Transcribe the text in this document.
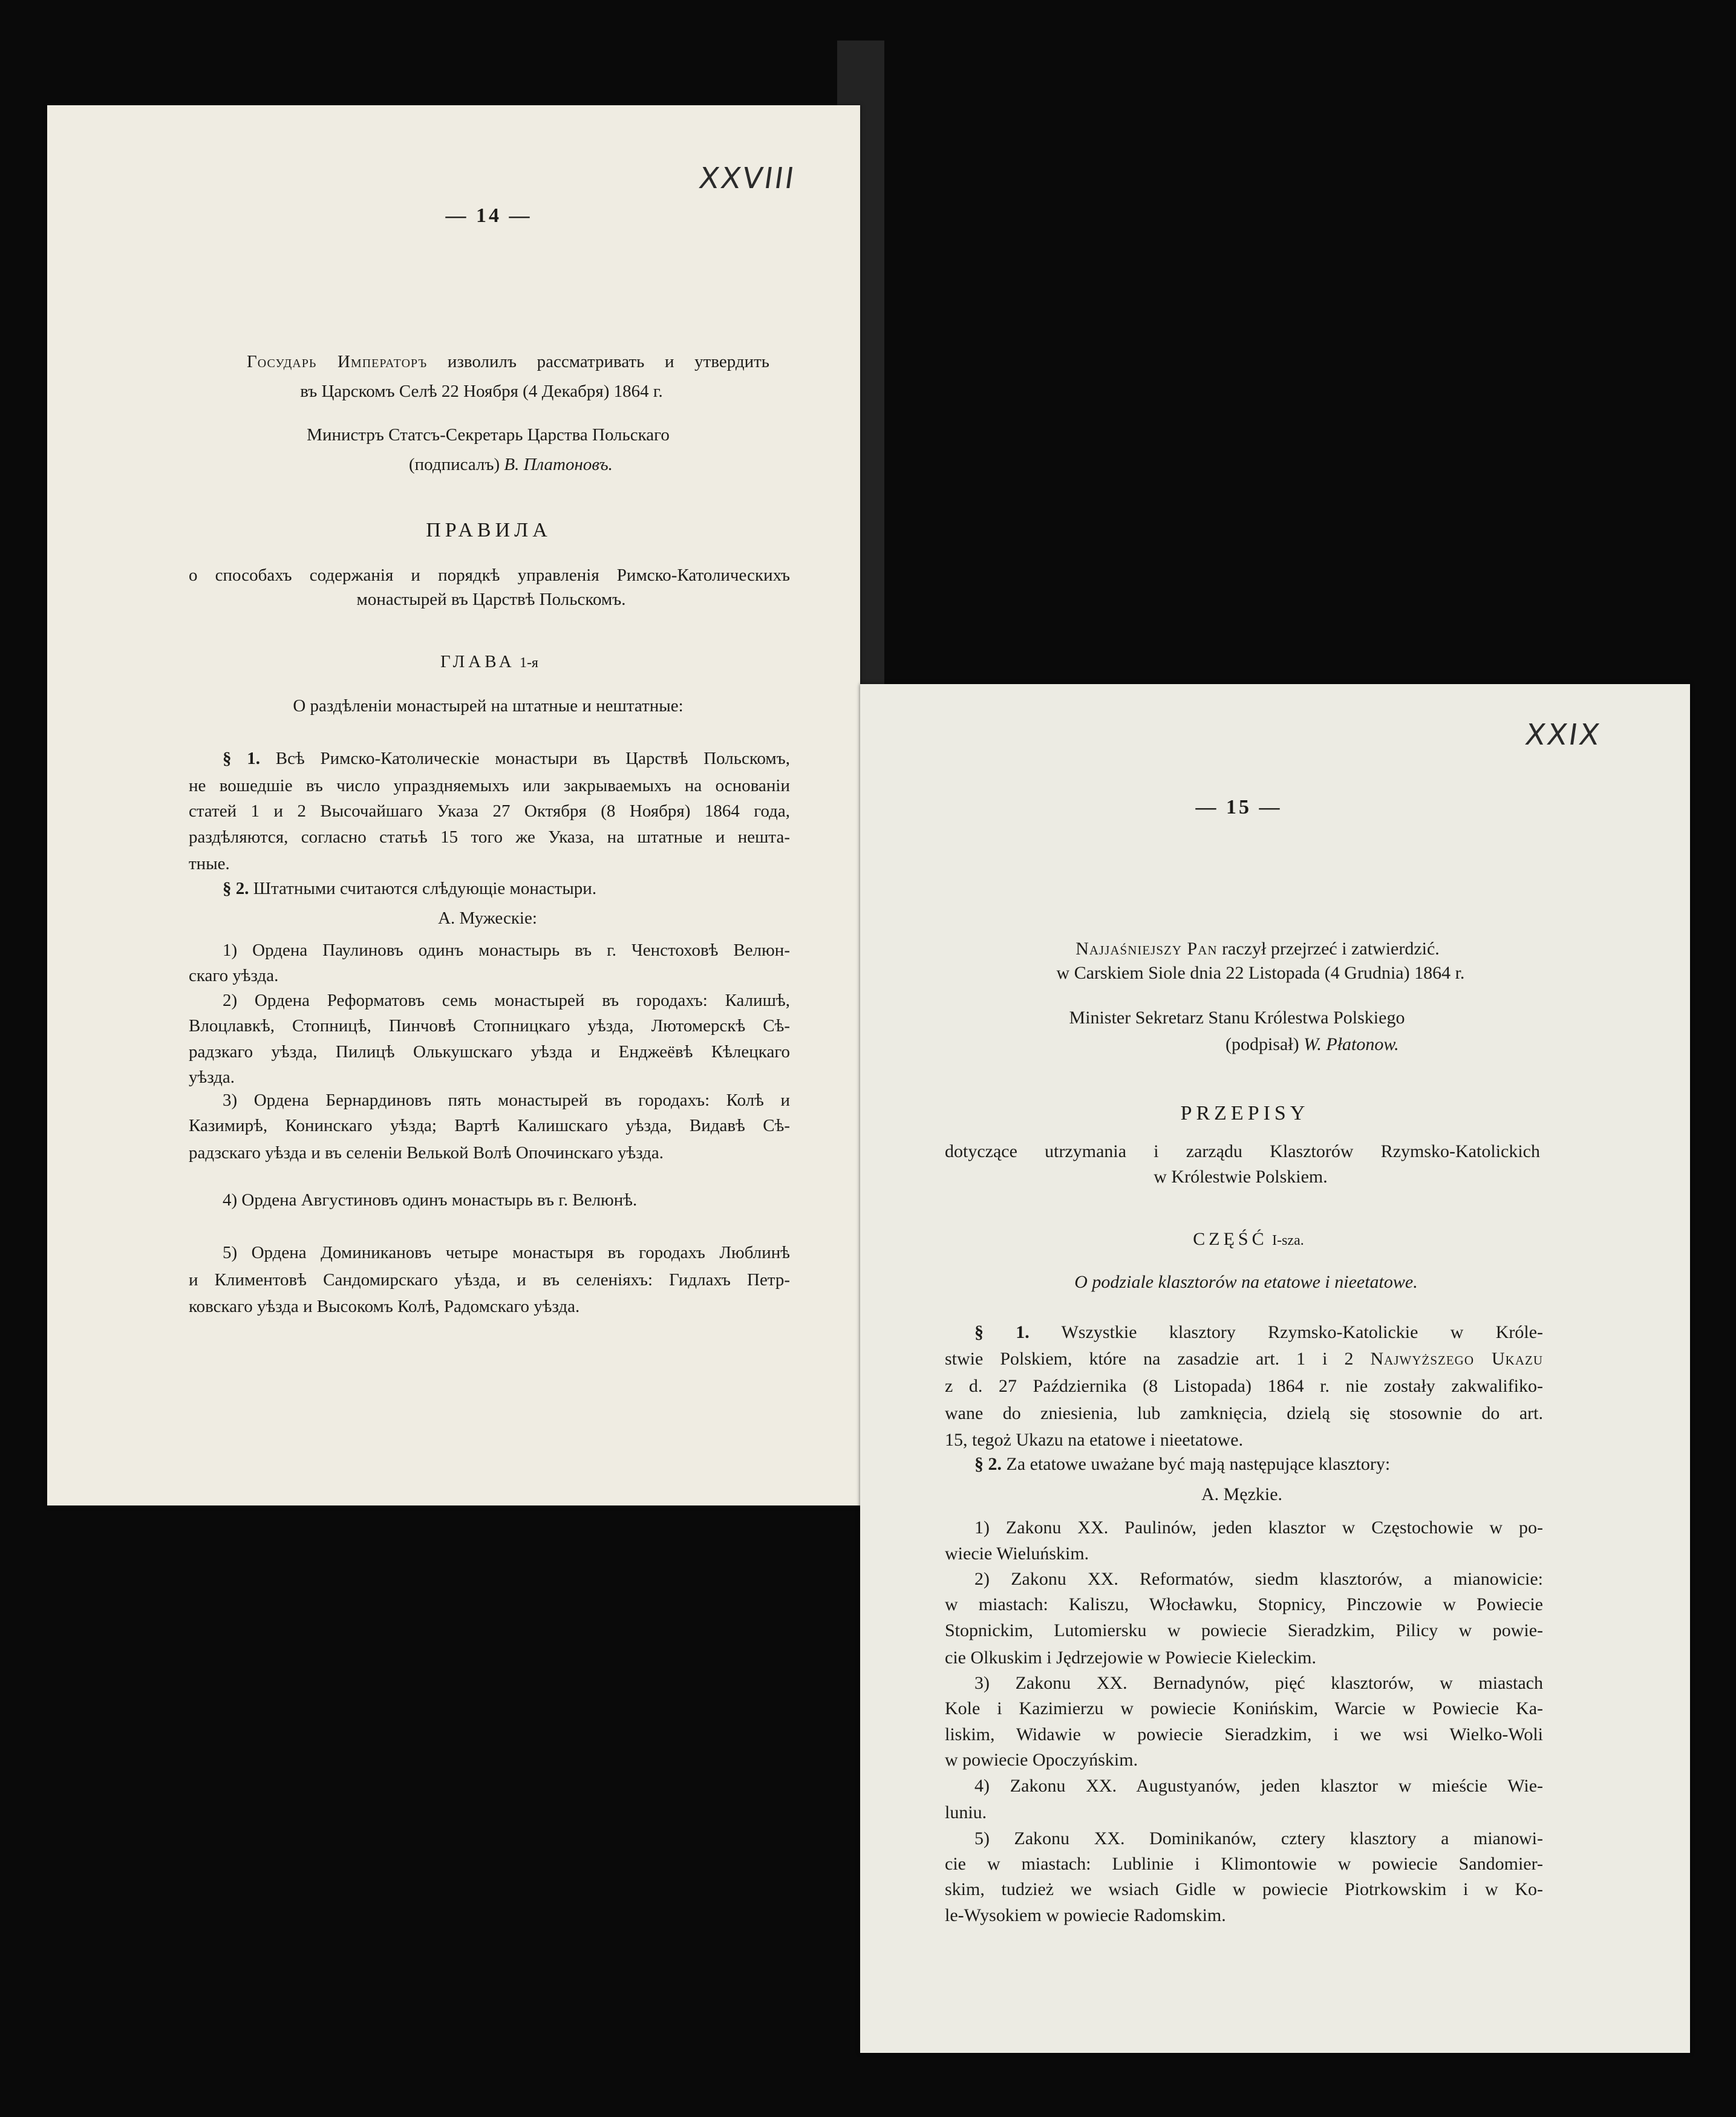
XXVIII
— 14 —
Государь Императоръ изволилъ рассматривать и утвердить
въ Царскомъ Селѣ 22 Ноября (4 Декабря) 1864 г.
Министръ Статсъ-Секретарь Царства Польскаго
(подписалъ) В. Платоновъ.
ПРАВИЛА
о способахъ содержанія и порядкѣ управленія Римско-Католическихъ
монастырей въ Царствѣ Польскомъ.
ГЛАВА 1-я
О раздѣленіи монастырей на штатные и нештатные:
§ 1. Всѣ Римско-Католическіе монастыри въ Царствѣ Польскомъ,
не вошедшіе въ число упраздняемыхъ или закрываемыхъ на основаніи
статей 1 и 2 Высочайшаго Указа 27 Октября (8 Ноября) 1864 года,
раздѣляются, согласно статьѣ 15 того же Указа, на штатные и нешта-
тные.
§ 2. Штатными считаются слѣдующіе монастыри.
А. Мужескіе:
1) Ордена Паулиновъ одинъ монастырь въ г. Ченстоховѣ Велюн-
скаго уѣзда.
2) Ордена Реформатовъ семь монастырей въ городахъ: Калишѣ,
Влоцлавкѣ, Стопницѣ, Пинчовѣ Стопницкаго уѣзда, Лютомерскѣ Сѣ-
радзкаго уѣзда, Пилицѣ Олькушскаго уѣзда и Енджеёвѣ Кѣлецкаго
уѣзда.
3) Ордена Бернардиновъ пять монастырей въ городахъ: Колѣ и
Казимирѣ, Конинскаго уѣзда; Вартѣ Калишскаго уѣзда, Видавѣ Сѣ-
радзскаго уѣзда и въ селеніи Велькой Волѣ Опочинскаго уѣзда.
4) Ордена Августиновъ одинъ монастырь въ г. Велюнѣ.
5) Ордена Доминикановъ четыре монастыря въ городахъ Люблинѣ
и Климентовѣ Сандомирскаго уѣзда, и въ селеніяхъ: Гидлахъ Петр-
ковскаго уѣзда и Высокомъ Колѣ, Радомскаго уѣзда.
XXIX
— 15 —
Najjaśniejszy Pan raczył przejrzeć i zatwierdzić.
w Carskiem Siole dnia 22 Listopada (4 Grudnia) 1864 r.
Minister Sekretarz Stanu Królestwa Polskiego
(podpisał) W. Płatonow.
PRZEPISY
dotyczące utrzymania i zarządu Klasztorów Rzymsko-Katolickich
w Królestwie Polskiem.
CZĘŚĆ I-sza.
O podziale klasztorów na etatowe i nieetatowe.
§ 1. Wszystkie klasztory Rzymsko-Katolickie w Króle-
stwie Polskiem, które na zasadzie art. 1 i 2 Najwyższego Ukazu
z d. 27 Października (8 Listopada) 1864 r. nie zostały zakwalifiko-
wane do zniesienia, lub zamknięcia, dzielą się stosownie do art.
15, tegoż Ukazu na etatowe i nieetatowe.
§ 2. Za etatowe uważane być mają następujące klasztory:
A. Męzkie.
1) Zakonu XX. Paulinów, jeden klasztor w Częstochowie w po-
wiecie Wieluńskim.
2) Zakonu XX. Reformatów, siedm klasztorów, a mianowicie:
w miastach: Kaliszu, Włocławku, Stopnicy, Pinczowie w Powiecie
Stopnickim, Lutomiersku w powiecie Sieradzkim, Pilicy w powie-
cie Olkuskim i Jędrzejowie w Powiecie Kieleckim.
3) Zakonu XX. Bernadynów, pięć klasztorów, w miastach
Kole i Kazimierzu w powiecie Konińskim, Warcie w Powiecie Ka-
liskim, Widawie w powiecie Sieradzkim, i we wsi Wielko-Woli
w powiecie Opoczyńskim.
4) Zakonu XX. Augustyanów, jeden klasztor w mieście Wie-
luniu.
5) Zakonu XX. Dominikanów, cztery klasztory a mianowi-
cie w miastach: Lublinie i Klimontowie w powiecie Sandomier-
skim, tudzież we wsiach Gidle w powiecie Piotrkowskim i w Ko-
le-Wysokiem w powiecie Radomskim.
